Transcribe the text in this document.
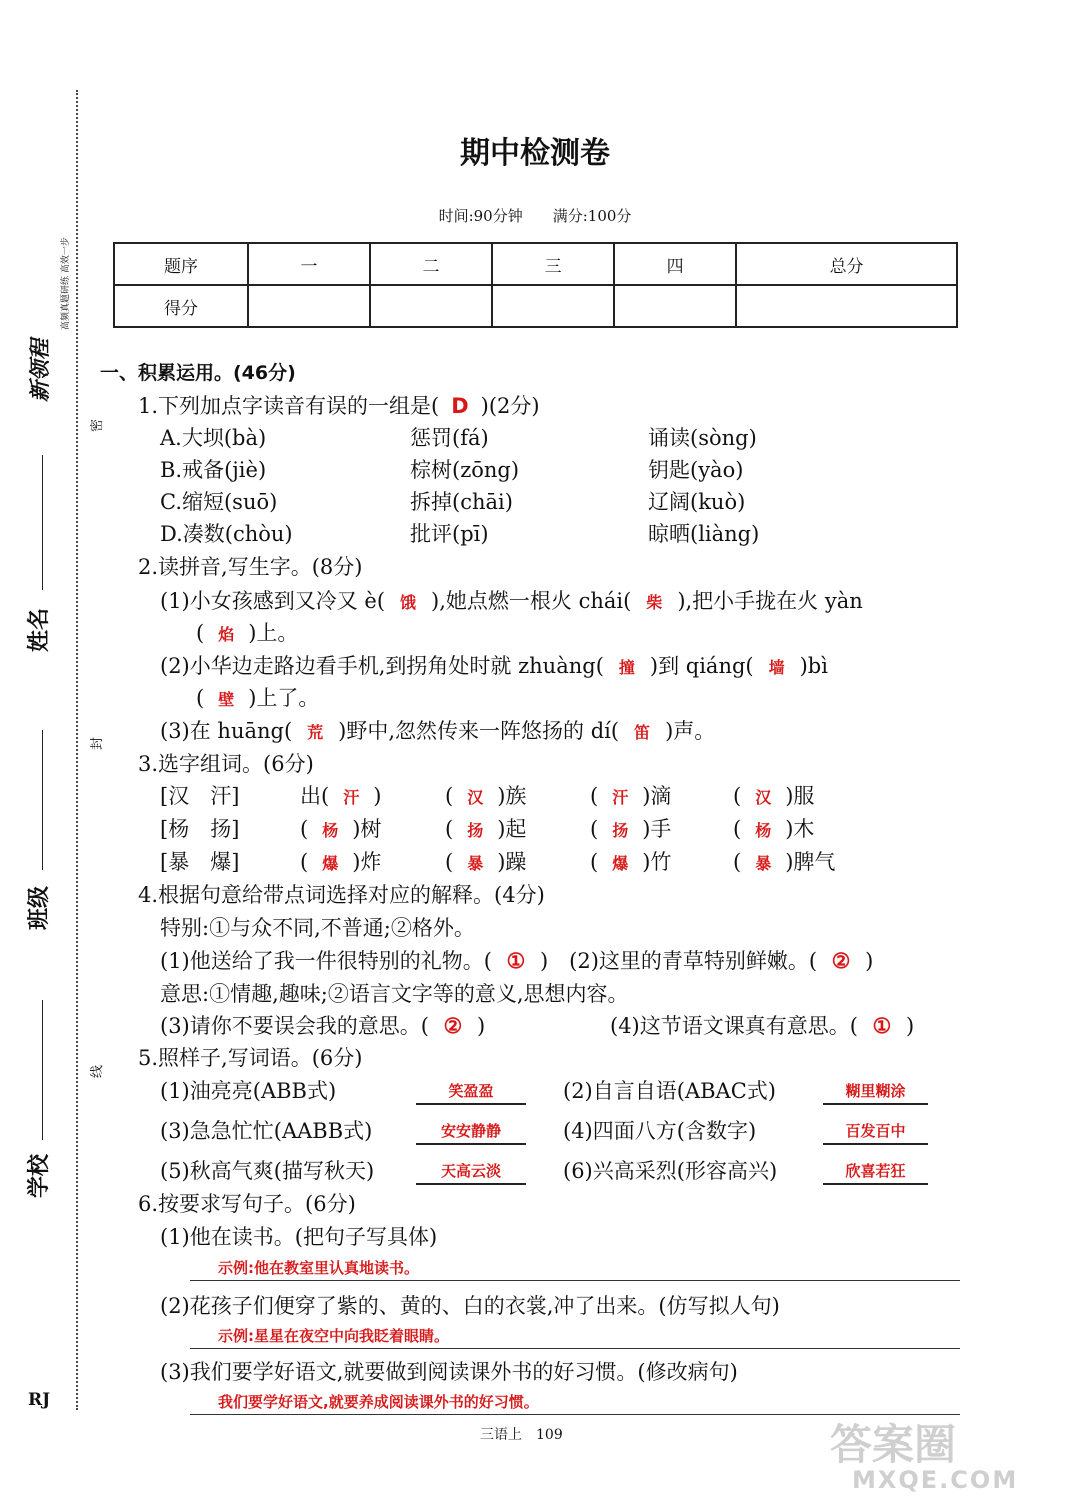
新领程
高频真题研练 高效一步
密
封
线
姓名
班级
学校
RJ
期中检测卷
时间:90分钟　　满分:100分
题序	一	二	三	四	总分
得分					
一、积累运用。(46分)
1.下列加点字读音有误的一组是( D )(2分)
A.大坝(bà)	惩罚(fá)	诵读(sòng)
B.戒备(jiè)	棕树(zōng)	钥匙(yào)
C.缩短(suō)	拆掉(chāi)	辽阔(kuò)
D.凑数(chòu)	批评(pī)	晾晒(liàng)
2.读拼音,写生字。(8分)
(1)小女孩感到又冷又 è( 饿 ),她点燃一根火 chái( 柴 ),把小手拢在火 yàn
( 焰 )上。
(2)小华边走路边看手机,到拐角处时就 zhuàng( 撞 )到 qiáng( 墙 )bì
( 壁 )上了。
(3)在 huāng( 荒 )野中,忽然传来一阵悠扬的 dí( 笛 )声。
3.选字组词。(6分)
[汉　汗]	出( 汗 )	( 汉 )族	( 汗 )滴	( 汉 )服
[杨　扬]	( 杨 )树	( 扬 )起	( 扬 )手	( 杨 )木
[暴　爆]	( 爆 )炸	( 暴 )躁	( 爆 )竹	( 暴 )脾气
4.根据句意给带点词选择对应的解释。(4分)
特别:①与众不同,不普通;②格外。
(1)他送给了我一件很特别的礼物。( ① )　(2)这里的青草特别鲜嫩。( ② )
意思:①情趣,趣味;②语言文字等的意义,思想内容。
(3)请你不要误会我的意思。( ② )	(4)这节语文课真有意思。( ① )
5.照样子,写词语。(6分)
(1)油亮亮(ABB式)	笑盈盈	(2)自言自语(ABAC式)	糊里糊涂
(3)急急忙忙(AABB式)	安安静静	(4)四面八方(含数字)	百发百中
(5)秋高气爽(描写秋天)	天高云淡	(6)兴高采烈(形容高兴)	欣喜若狂
6.按要求写句子。(6分)
(1)他在读书。(把句子写具体)
示例:他在教室里认真地读书。
(2)花孩子们便穿了紫的、黄的、白的衣裳,冲了出来。(仿写拟人句)
示例:星星在夜空中向我眨着眼睛。
(3)我们要学好语文,就要做到阅读课外书的好习惯。(修改病句)
我们要学好语文,就要养成阅读课外书的好习惯。
三语上　109	答案圈
MXQE.COM
